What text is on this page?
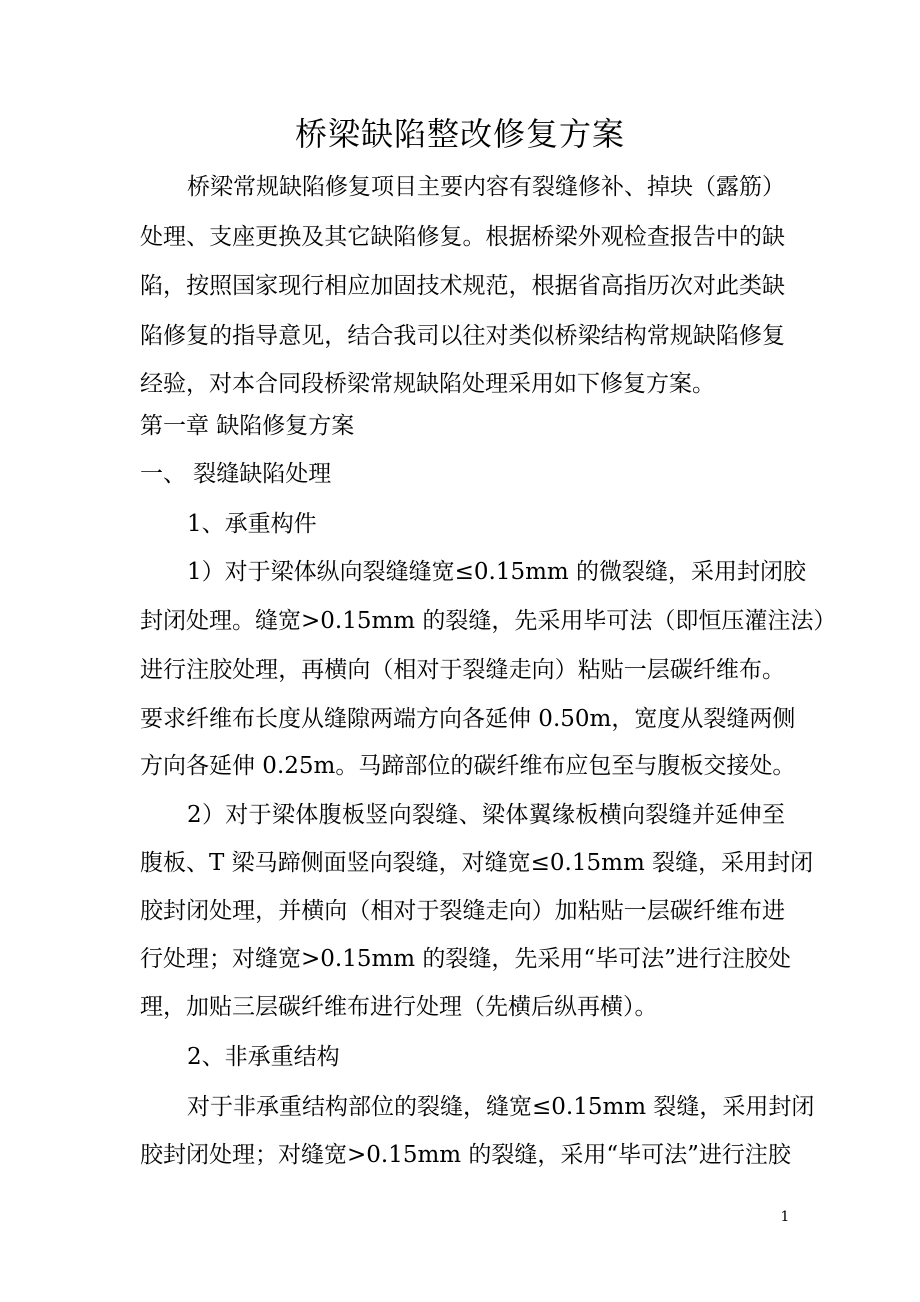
桥梁缺陷整改修复方案
桥梁常规缺陷修复项目主要内容有裂缝修补、掉块（露筋）
处理、支座更换及其它缺陷修复。根据桥梁外观检查报告中的缺
陷，按照国家现行相应加固技术规范，根据省高指历次对此类缺
陷修复的指导意见，结合我司以往对类似桥梁结构常规缺陷修复
经验，对本合同段桥梁常规缺陷处理采用如下修复方案。
第一章 缺陷修复方案
一、 裂缝缺陷处理
1、承重构件
1）对于梁体纵向裂缝缝宽≤0.15mm 的微裂缝，采用封闭胶
封闭处理。缝宽>0.15mm 的裂缝，先采用毕可法（即恒压灌注法）
进行注胶处理，再横向（相对于裂缝走向）粘贴一层碳纤维布。
要求纤维布长度从缝隙两端方向各延伸 0.50m，宽度从裂缝两侧
方向各延伸 0.25m。马蹄部位的碳纤维布应包至与腹板交接处。
2）对于梁体腹板竖向裂缝、梁体翼缘板横向裂缝并延伸至
腹板、T 梁马蹄侧面竖向裂缝，对缝宽≤0.15mm 裂缝，采用封闭
胶封闭处理，并横向（相对于裂缝走向）加粘贴一层碳纤维布进
行处理；对缝宽>0.15mm 的裂缝，先采用“毕可法”进行注胶处
理，加贴三层碳纤维布进行处理（先横后纵再横）。
2、非承重结构
对于非承重结构部位的裂缝，缝宽≤0.15mm 裂缝，采用封闭
胶封闭处理；对缝宽>0.15mm 的裂缝，采用“毕可法”进行注胶
1
